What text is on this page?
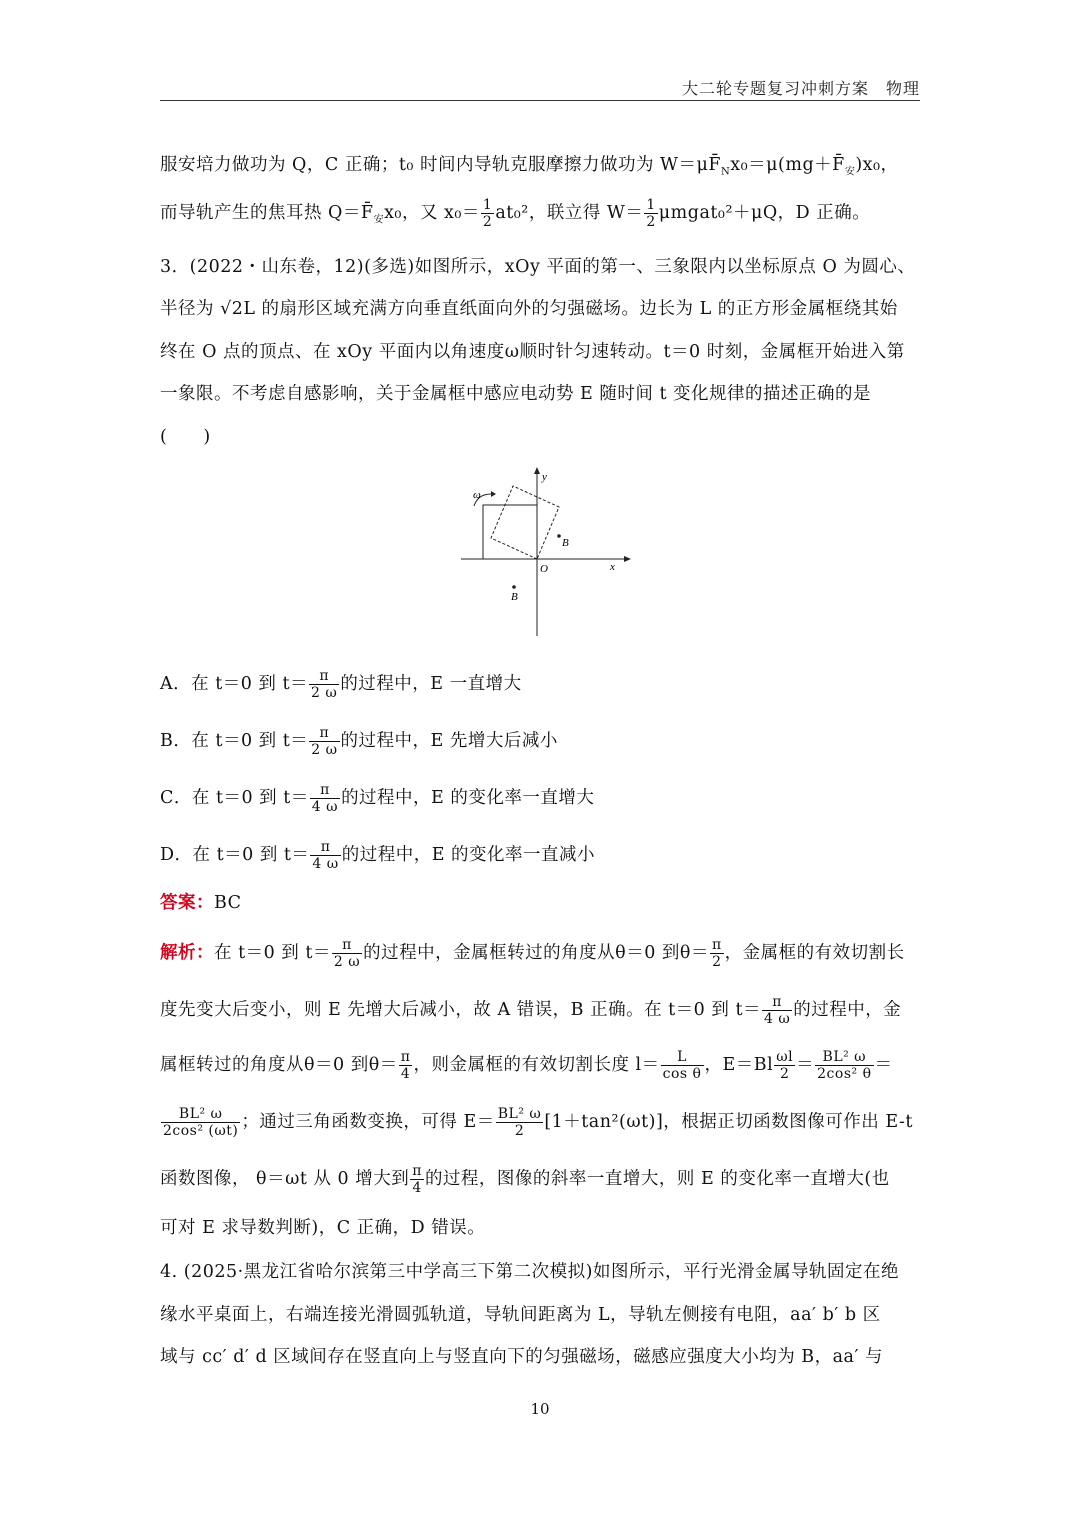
大二轮专题复习冲刺方案　物理
服安培力做功为 Q，C 正确；t₀ 时间内导轨克服摩擦力做功为 $W=\mu F̄_Nx_0=\mu(mg+F̄_安)x_0$，
而导轨产生的焦耳热 $Q=F̄_安x_0$，又 $x_0= \frac{1}{2} at_0^2$，联立得 $W= \frac{1}{2}$ μmgat₀²＋μQ，D 正确。
3．(2022・山东卷，12)(多选)如图所示，xOy 平面的第一、三象限内以坐标原点 O 为圆心、
半径为 √2L 的扇形区域充满方向垂直纸面向外的匀强磁场。边长为 L 的正方形金属框绕其始
终在 O 点的顶点、在 xOy 平面内以角速度ω顺时针匀速转动。t＝0 时刻，金属框开始进入第
一象限。不考虑自感影响，关于金属框中感应电动势 E 随时间 t 变化规律的描述正确的是
(　　)
y
x
O
ω
B
B
A．在 t＝0 到 $t= \frac{\pi}{2 \omega}$ 的过程中，E 一直增大
B．在 t＝0 到 $t= \frac{\pi}{2 \omega}$ 的过程中，E 先增大后减小
C．在 t＝0 到 $t= \frac{\pi}{4 \omega}$ 的过程中，E 的变化率一直增大
D．在 t＝0 到 $t= \frac{\pi}{4 \omega}$ 的过程中，E 的变化率一直减小
答案：BC
解析：在 t＝0 到 $t= \frac{\pi}{2 \omega}$ 的过程中，金属框转过的角度从θ＝0 到$\theta= \frac{\pi}{2}$ ，金属框的有效切割长
度先变大后变小，则 E 先增大后减小，故 A 错误，B 正确。在 t＝0 到 $t= \frac{\pi}{4 \omega}$ 的过程中，金
属框转过的角度从θ＝0 到$\theta= \frac{\pi}{4}$ ，则金属框的有效切割长度 $l= \frac{L}{\text{cos θ}}$ ，$E=Bl \frac{\omega l}{2} = \frac{\text{BL² ω}}{\text{2cos² θ}}$ ＝
$\frac{\text{BL² ω}}{\text{2cos² (ωt)}}$ ；通过三角函数变换，可得 $E= \frac{\text{BL² ω}}{2} [1+\tan^2(\omega t)]$，根据正切函数图像可作出 E-t
函数图像， θ＝ωt 从 0 增大到 $\frac{\pi}{4}$ 的过程，图像的斜率一直增大，则 E 的变化率一直增大(也
可对 E 求导数判断)，C 正确，D 错误。
4. (2025·黑龙江省哈尔滨第三中学高三下第二次模拟)如图所示，平行光滑金属导轨固定在绝
缘水平桌面上，右端连接光滑圆弧轨道，导轨间距离为 L，导轨左侧接有电阻，aa′ b′ b 区
域与 cc′ d′ d 区域间存在竖直向上与竖直向下的匀强磁场，磁感应强度大小均为 B，aa′ 与
10
